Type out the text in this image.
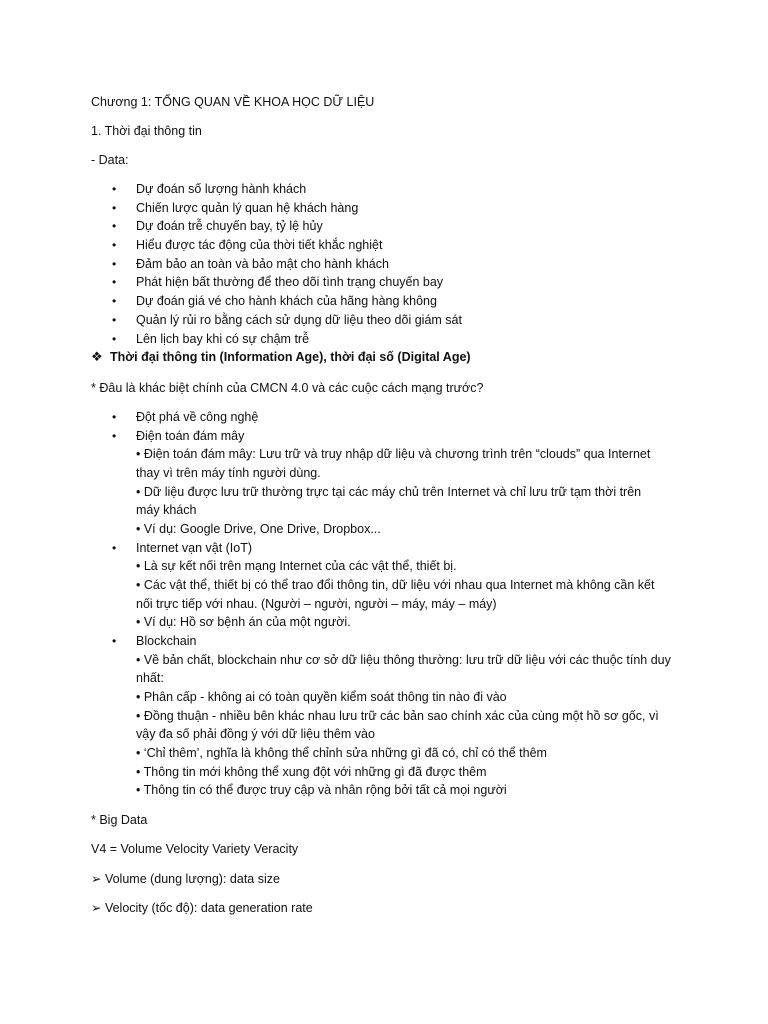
Chương 1: TỔNG QUAN VỀ KHOA HỌC DỮ LIỆU

1. Thời đại thông tin

- Data:

• Dự đoán số lượng hành khách
• Chiến lược quản lý quan hệ khách hàng
• Dự đoán trễ chuyến bay, tỷ lệ hủy
• Hiểu được tác động của thời tiết khắc nghiệt
• Đảm bảo an toàn và bảo mật cho hành khách
• Phát hiện bất thường để theo dõi tình trạng chuyến bay
• Dự đoán giá vé cho hành khách của hãng hàng không
• Quản lý rủi ro bằng cách sử dụng dữ liệu theo dõi giám sát
• Lên lịch bay khi có sự chậm trễ
❖ Thời đại thông tin (Information Age), thời đại số (Digital Age)

* Đâu là khác biệt chính của CMCN 4.0 và các cuộc cách mạng trước?

• Đột phá về công nghệ
• Điện toán đám mây
• Điện toán đám mây: Lưu trữ và truy nhập dữ liệu và chương trình trên “clouds” qua Internet
thay vì trên máy tính người dùng.
• Dữ liệu được lưu trữ thường trực tại các máy chủ trên Internet và chỉ lưu trữ tạm thời trên
máy khách
• Ví dụ: Google Drive, One Drive, Dropbox...
• Internet vạn vật (IoT)
• Là sự kết nối trên mạng Internet của các vật thể, thiết bị.
• Các vật thể, thiết bị có thể trao đổi thông tin, dữ liệu với nhau qua Internet mà không cần kết
nối trực tiếp với nhau. (Người – người, người – máy, máy – máy)
• Ví dụ: Hồ sơ bệnh án của một người.
• Blockchain
• Về bản chất, blockchain như cơ sở dữ liệu thông thường: lưu trữ dữ liệu với các thuộc tính duy
nhất:
• Phân cấp - không ai có toàn quyền kiểm soát thông tin nào đi vào
• Đồng thuận - nhiều bên khác nhau lưu trữ các bản sao chính xác của cùng một hồ sơ gốc, vì
vậy đa số phải đồng ý với dữ liệu thêm vào
• ‘Chỉ thêm’, nghĩa là không thể chỉnh sửa những gì đã có, chỉ có thể thêm
• Thông tin mới không thể xung đột với những gì đã được thêm
• Thông tin có thể được truy cập và nhân rộng bởi tất cả mọi người

* Big Data

V4 = Volume Velocity Variety Veracity

➢ Volume (dung lượng): data size

➢ Velocity (tốc độ): data generation rate
